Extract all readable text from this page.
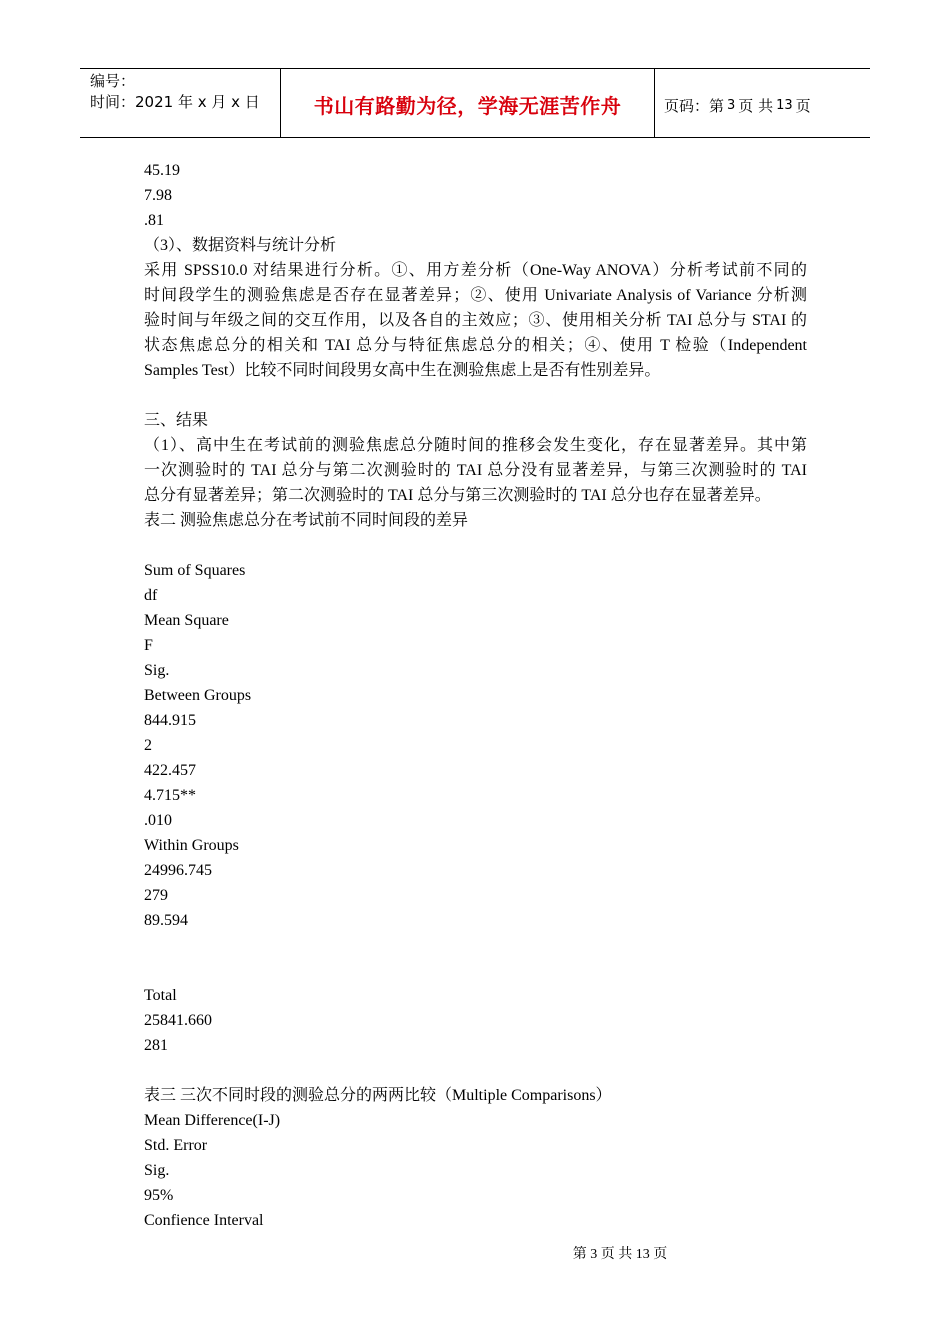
编号：
时间：2021 年 x 月 x 日	书山有路勤为径，学海无涯苦作舟	页码：第 3 页 共 13 页
45.19
7.98
.81
（3）、数据资料与统计分析
采用 SPSS10.0 对结果进行分析。①、用方差分析（One-Way ANOVA）分析考试前不同的
时间段学生的测验焦虑是否存在显著差异；②、使用 Univariate Analysis of Variance 分析测
验时间与年级之间的交互作用，以及各自的主效应；③、使用相关分析 TAI 总分与 STAI 的
状态焦虑总分的相关和 TAI 总分与特征焦虑总分的相关；④、使用 T 检验（Independent
Samples Test）比较不同时间段男女高中生在测验焦虑上是否有性别差异。
三、结果
（1）、高中生在考试前的测验焦虑总分随时间的推移会发生变化，存在显著差异。其中第
一次测验时的 TAI 总分与第二次测验时的 TAI 总分没有显著差异，与第三次测验时的 TAI
总分有显著差异；第二次测验时的 TAI 总分与第三次测验时的 TAI 总分也存在显著差异。
表二 测验焦虑总分在考试前不同时间段的差异
Sum of Squares
df
Mean Square
F
Sig.
Between Groups
844.915
2
422.457
4.715**
.010
Within Groups
24996.745
279
89.594
Total
25841.660
281
表三 三次不同时段的测验总分的两两比较（Multiple Comparisons）
Mean Difference(I-J)
Std. Error
Sig.
95%
Confience Interval
第 3 页 共 13 页
